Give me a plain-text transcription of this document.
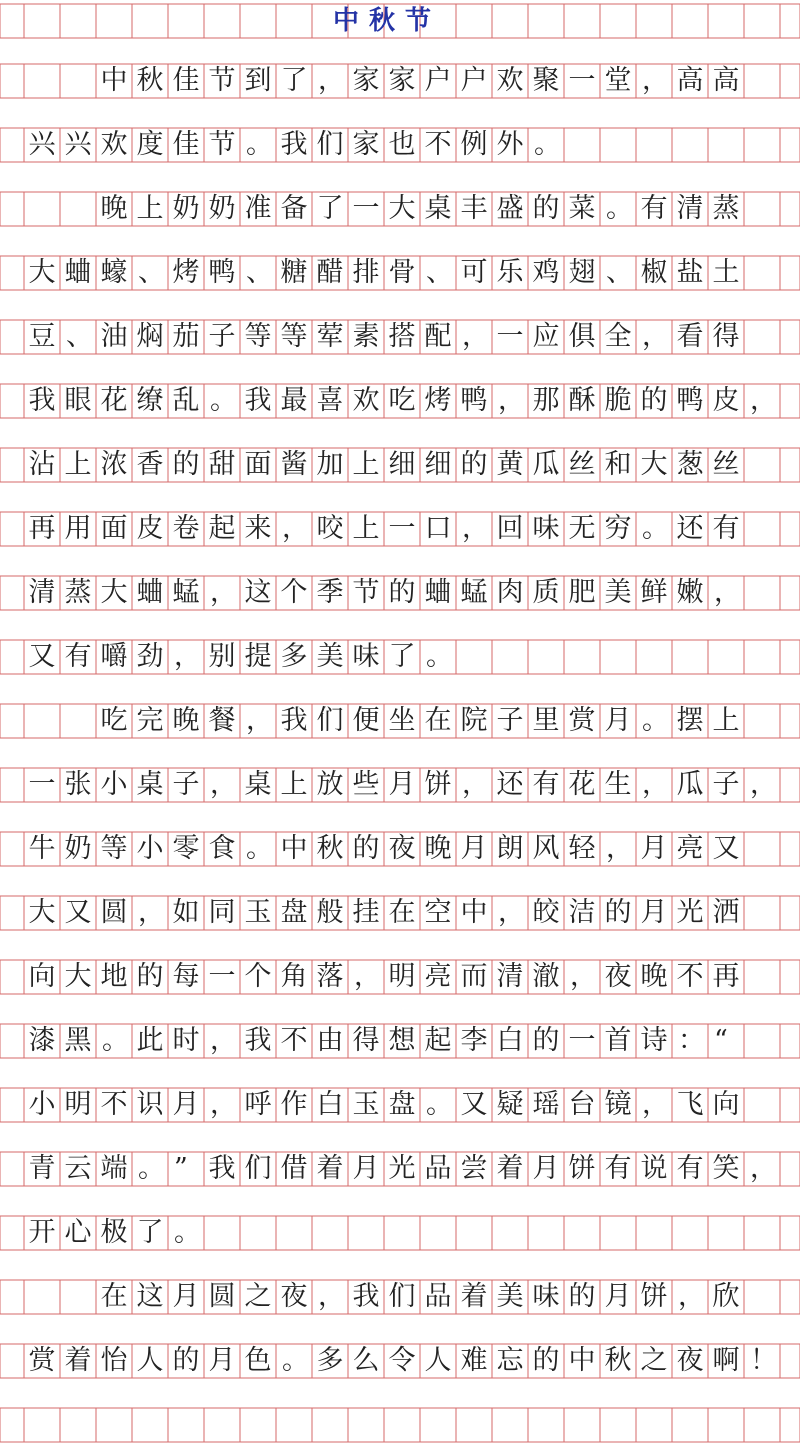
中 秋 节
中 秋 佳 节 到 了 ， 家 家 户 户 欢 聚 一 堂 ， 高 高
兴 兴 欢 度 佳 节 。 我 们 家 也 不 例 外 。
晚 上 奶 奶 准 备 了 一 大 桌 丰 盛 的 菜 。 有 清 蒸
大 蛐 蠔 、 烤 鸭 、 糖 醋 排 骨 、 可 乐 鸡 翅 、 椒 盐 土
豆 、 油 焖 茄 子 等 等 荤 素 搭 配 ， 一 应 俱 全 ， 看 得
我 眼 花 缭 乱 。 我 最 喜 欢 吃 烤 鸭 ， 那 酥 脆 的 鸭 皮 ，
沾 上 浓 香 的 甜 面 酱 加 上 细 细 的 黄 瓜 丝 和 大 葱 丝
再 用 面 皮 卷 起 来 ， 咬 上 一 口 ， 回 味 无 穷 。 还 有
清 蒸 大 蛐 蜢 ， 这 个 季 节 的 蛐 蜢 肉 质 肥 美 鲜 嫩 ，
又 有 嚼 劲 ， 别 提 多 美 味 了 。
吃 完 晚 餐 ， 我 们 便 坐 在 院 子 里 赏 月 。 摆 上
一 张 小 桌 子 ， 桌 上 放 些 月 饼 ， 还 有 花 生 ， 瓜 子 ，
牛 奶 等 小 零 食 。 中 秋 的 夜 晚 月 朗 风 轻 ， 月 亮 又
大 又 圆 ， 如 同 玉 盘 般 挂 在 空 中 ， 皎 洁 的 月 光 洒
向 大 地 的 每 一 个 角 落 ， 明 亮 而 清 澈 ， 夜 晚 不 再
漆 黑 。 此 时 ， 我 不 由 得 想 起 李 白 的 一 首 诗 ： “
小 明 不 识 月 ， 呼 作 白 玉 盘 。 又 疑 瑶 台 镜 ， 飞 向
青 云 端 。 ” 我 们 借 着 月 光 品 尝 着 月 饼 有 说 有 笑 ，
开 心 极 了 。
在 这 月 圆 之 夜 ， 我 们 品 着 美 味 的 月 饼 ， 欣
赏 着 怡 人 的 月 色 。 多 么 令 人 难 忘 的 中 秋 之 夜 啊 ！
